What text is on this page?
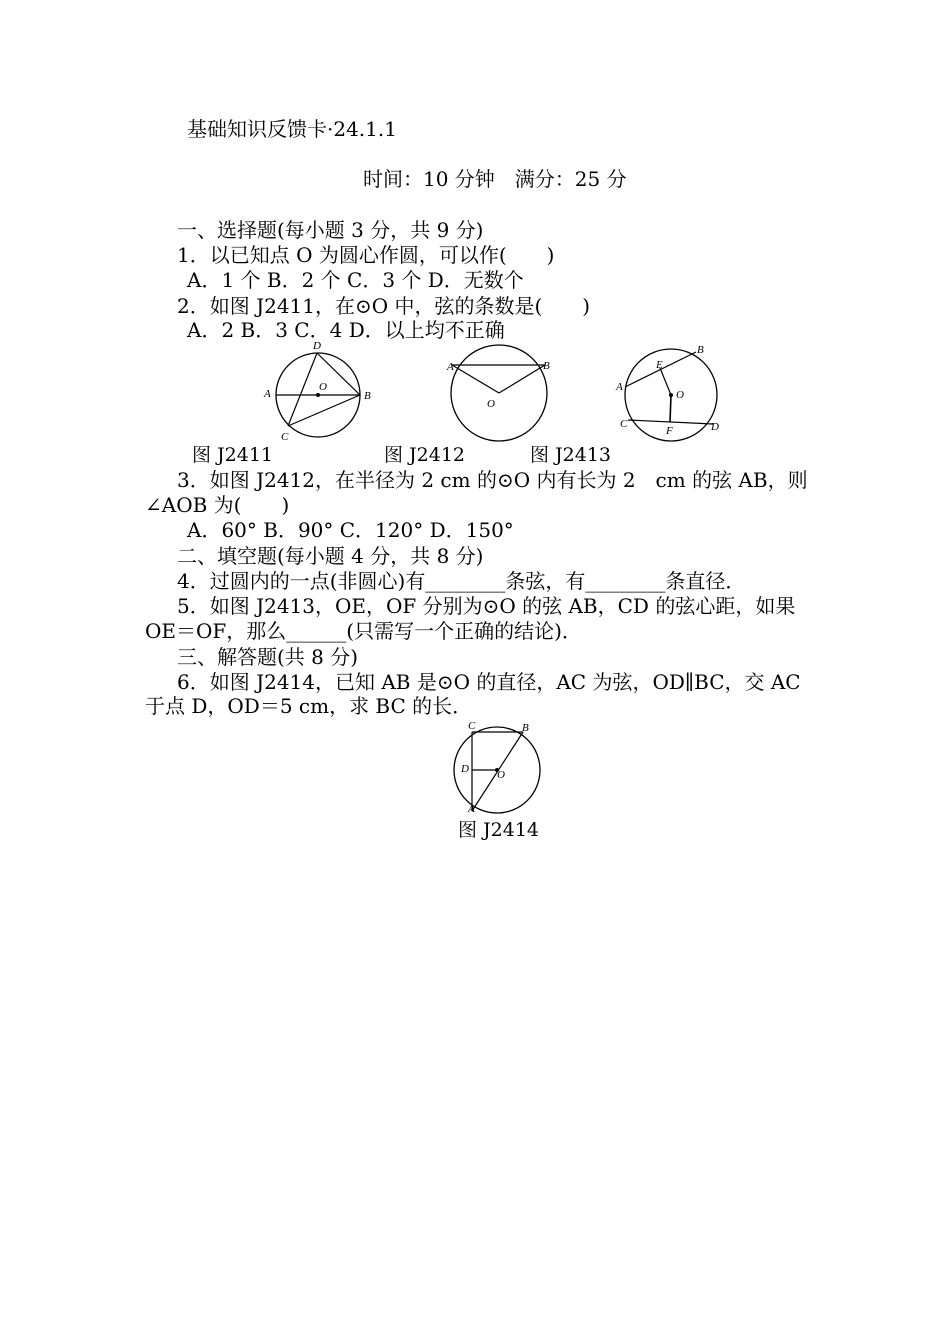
基础知识反馈卡·24.1.1
时间：10 分钟　满分：25 分
一、选择题(每小题 3 分，共 9 分)
1．以已知点 O 为圆心作圆，可以作(　　)
A．1 个 B．2 个 C．3 个 D．无数个
2．如图 J2411，在⊙O 中，弦的条数是(　　)
A．2 B．3 C．4 D．以上均不正确
D
A
O
B
C
A	B
O
B
E
A
O
C
F	D
图 J2411	图 J2412	图 J2413
3．如图 J2412，在半径为 2 cm 的⊙O 内有长为 2　cm 的弦 AB，则
∠AOB 为(　　)
A．60° B．90° C．120° D．150°
二、填空题(每小题 4 分，共 8 分)
4．过圆内的一点(非圆心)有________条弦，有________条直径．
5．如图 J2413，OE，OF 分别为⊙O 的弦 AB，CD 的弦心距，如果
OE＝OF，那么______(只需写一个正确的结论)．
三、解答题(共 8 分)
6．如图 J2414，已知 AB 是⊙O 的直径，AC 为弦，OD∥BC，交 AC
于点 D，OD＝5 cm，求 BC 的长．
C	B
D	O
A
图 J2414
